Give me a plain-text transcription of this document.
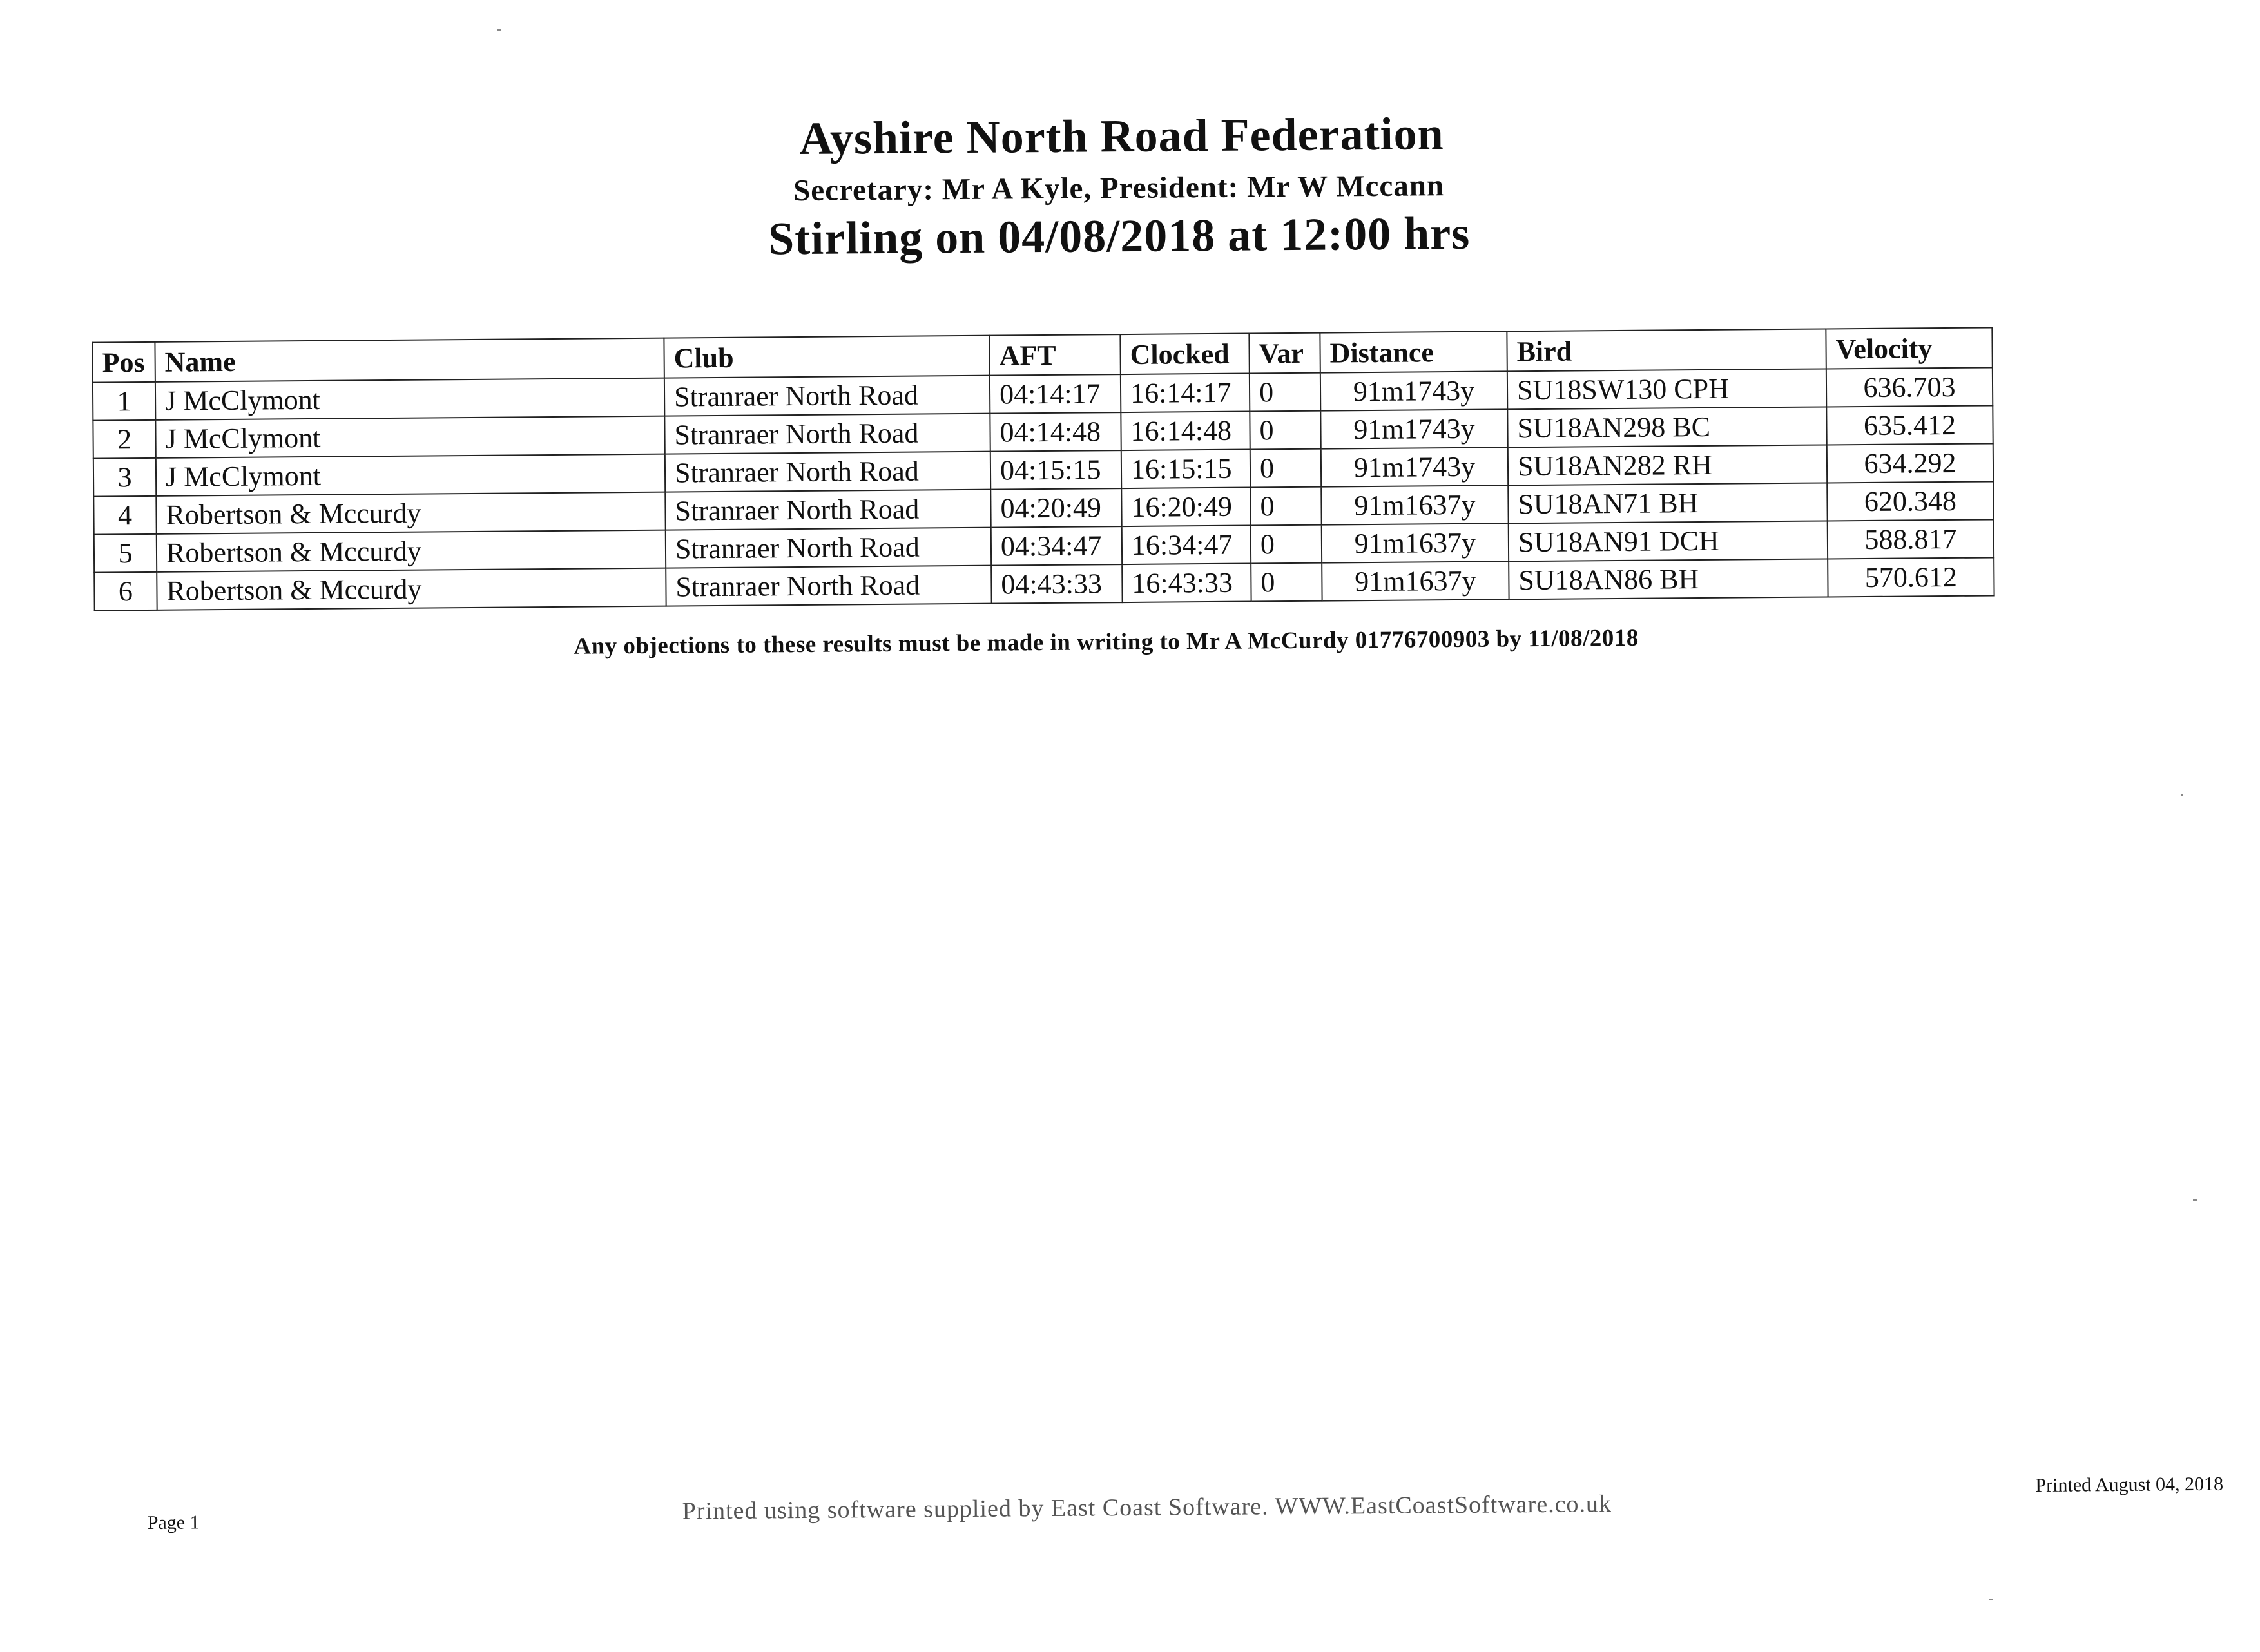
Ayshire North Road Federation
Secretary: Mr A Kyle, President: Mr W Mccann
Stirling on 04/08/2018 at 12:00 hrs
Pos	Name	Club	AFT	Clocked	Var	Distance	Bird	Velocity
1	J McClymont	Stranraer North Road	04:14:17	16:14:17	0	91m1743y	SU18SW130 CPH	636.703
2	J McClymont	Stranraer North Road	04:14:48	16:14:48	0	91m1743y	SU18AN298 BC	635.412
3	J McClymont	Stranraer North Road	04:15:15	16:15:15	0	91m1743y	SU18AN282 RH	634.292
4	Robertson & Mccurdy	Stranraer North Road	04:20:49	16:20:49	0	91m1637y	SU18AN71 BH	620.348
5	Robertson & Mccurdy	Stranraer North Road	04:34:47	16:34:47	0	91m1637y	SU18AN91 DCH	588.817
6	Robertson & Mccurdy	Stranraer North Road	04:43:33	16:43:33	0	91m1637y	SU18AN86 BH	570.612
Any objections to these results must be made in writing to Mr A McCurdy 01776700903 by 11/08/2018
Page 1	Printed using software supplied by East Coast Software. WWW.EastCoastSoftware.co.uk
Printed August 04, 2018
